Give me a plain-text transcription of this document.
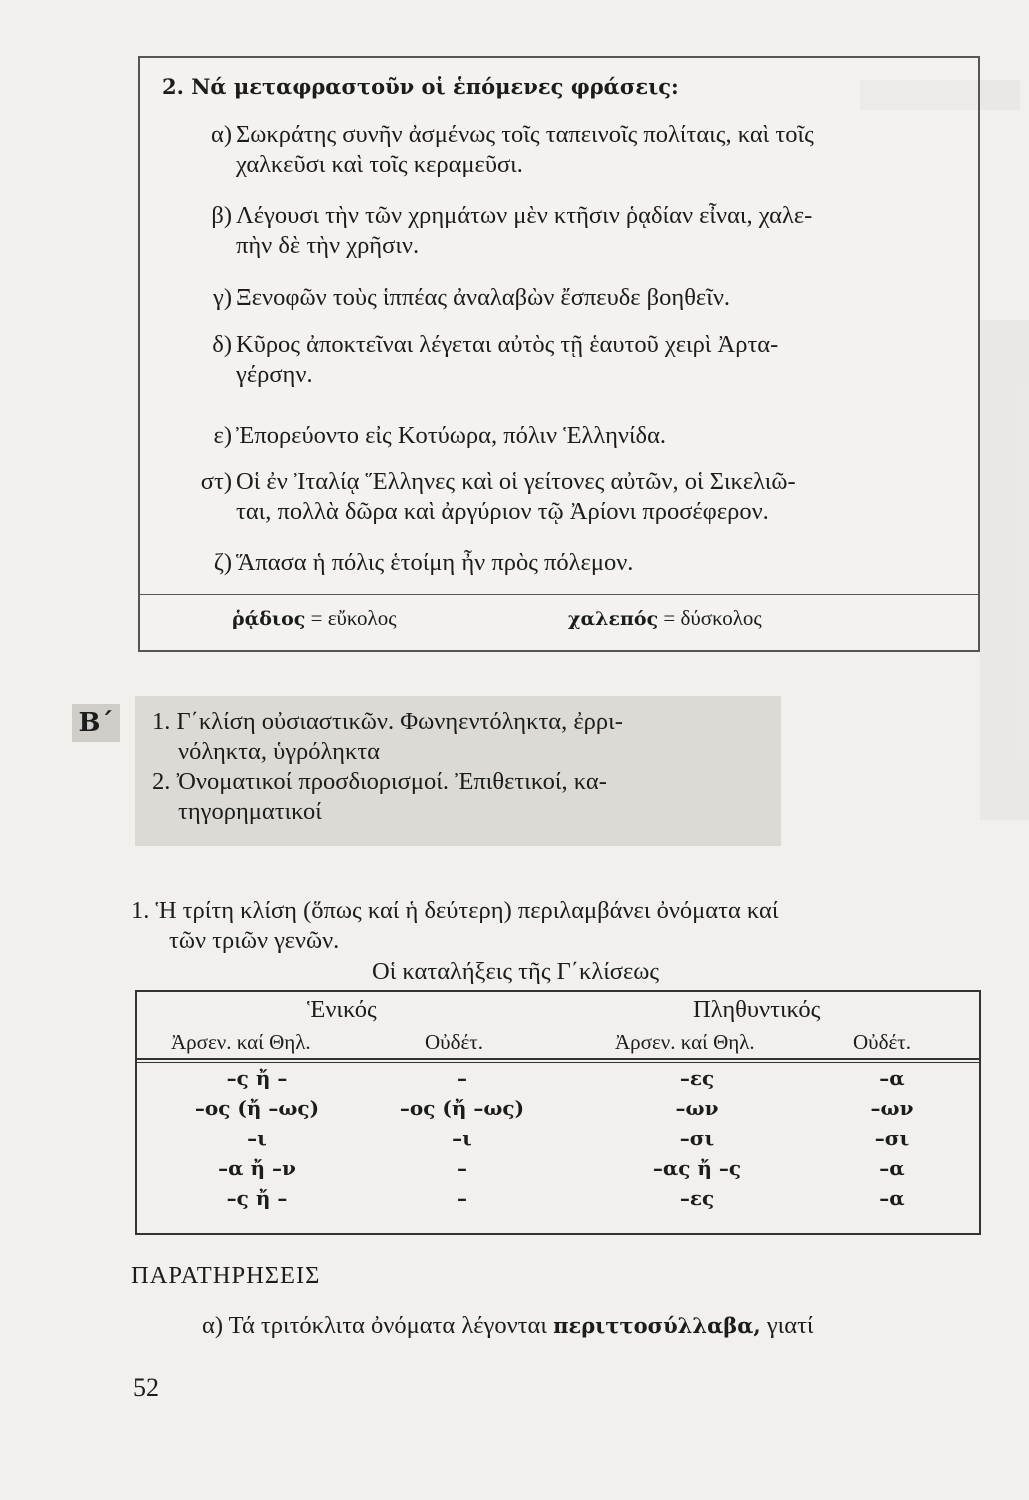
2. Νά μεταφραστοῦν οἱ ἑπόμενες φράσεις:
α) Σωκράτης συνῆν ἀσμένως τοῖς ταπεινοῖς πολίταις, καὶ τοῖς
χαλκεῦσι καὶ τοῖς κεραμεῦσι.
β) Λέγουσι τὴν τῶν χρημάτων μὲν κτῆσιν ῥᾳδίαν εἶναι, χαλε-
πὴν δὲ τὴν χρῆσιν.
γ) Ξενοφῶν τοὺς ἱππέας ἀναλαβὼν ἔσπευδε βοηθεῖν.
δ) Κῦρος ἀποκτεῖναι λέγεται αὐτὸς τῇ ἑαυτοῦ χειρὶ Ἀρτα-
γέρσην.
ε) Ἐπορεύοντο εἰς Κοτύωρα, πόλιν Ἑλληνίδα.
στ) Οἱ ἐν Ἰταλίᾳ Ἕλληνες καὶ οἱ γείτονες αὐτῶν, οἱ Σικελιῶ-
ται, πολλὰ δῶρα καὶ ἀργύριον τῷ Ἀρίονι προσέφερον.
ζ) Ἅπασα ἡ πόλις ἑτοίμη ἦν πρὸς πόλεμον.
ῥᾴδιος = εὔκολος	χαλεπός = δύσκολος
Β΄ 1. Γ΄κλίση οὐσιαστικῶν. Φωνηεντόληκτα, ἐρρι-
νόληκτα, ὑγρόληκτα
2. Ὀνοματικοί προσδιορισμοί. Ἐπιθετικοί, κα-
τηγορηματικοί
1. Ἡ τρίτη κλίση (ὅπως καί ἡ δεύτερη) περιλαμβάνει ὀνόματα καί
τῶν τριῶν γενῶν.
Οἱ καταλήξεις τῆς Γ΄κλίσεως
Ἑνικός	Πληθυντικός
Ἀρσεν. καί Θηλ.	Οὐδέτ.	Ἀρσεν. καί Θηλ.	Οὐδέτ.
–ς ἤ –	–	–ες	–α
–ος (ἤ –ως)	–ος (ἤ –ως)	–ων	–ων
–ι	–ι	–σι	–σι
–α ἤ –ν	–	–ας ἤ –ς	–α
–ς ἤ –	–	–ες	–α
ΠΑΡΑΤΗΡΗΣΕΙΣ
α) Τά τριτόκλιτα ὀνόματα λέγονται περιττοσύλλαβα, γιατί
52
